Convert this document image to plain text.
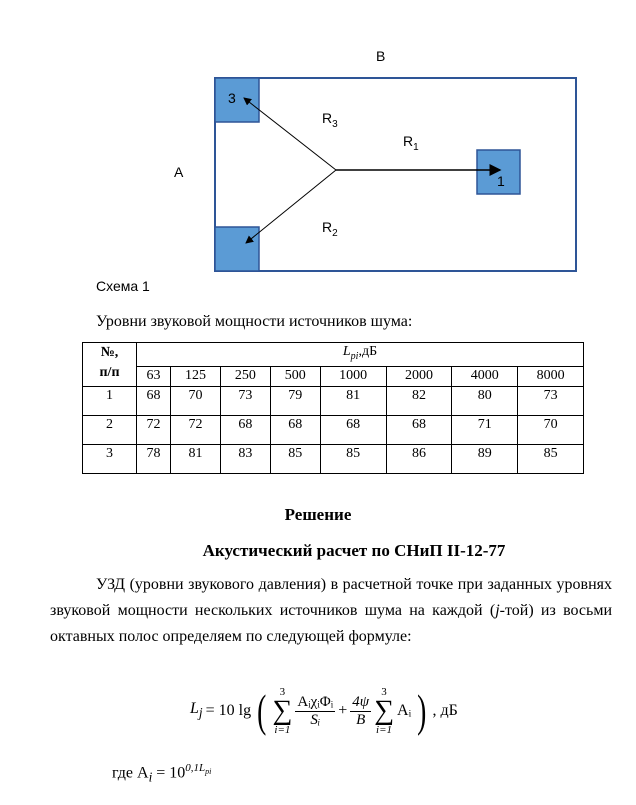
B
A
3
1
$R_3$
$R_1$
$R_2$
Схема 1
Уровни звуковой мощности источников шума:
№,
п/п	$L_{pi},дБ$							
	63	125	250	500	1000	2000	4000	8000
1	68	70	73	79	81	82	80	73
2	72	72	68	68	68	68	71	70
3	78	81	83	85	85	86	89	85
Решение
Акустический расчет по СНиП II-12-77
УЗД (уровни звукового давления) в расчетной точке при заданных уровнях звуковой мощности нескольких источников шума на каждой (j-той) из восьми октавных полос определяем по следующей формуле:
$L_j = 10$ lg ( 3
∑
i=1
$\frac{\text{AᵢχᵢΦᵢ}}{\text{Sᵢ}} + \frac{4\psi}{B}$
3
∑
i=1
Aᵢ ) , дБ
где $A_i = 10^{0,1L_{pi}}$
